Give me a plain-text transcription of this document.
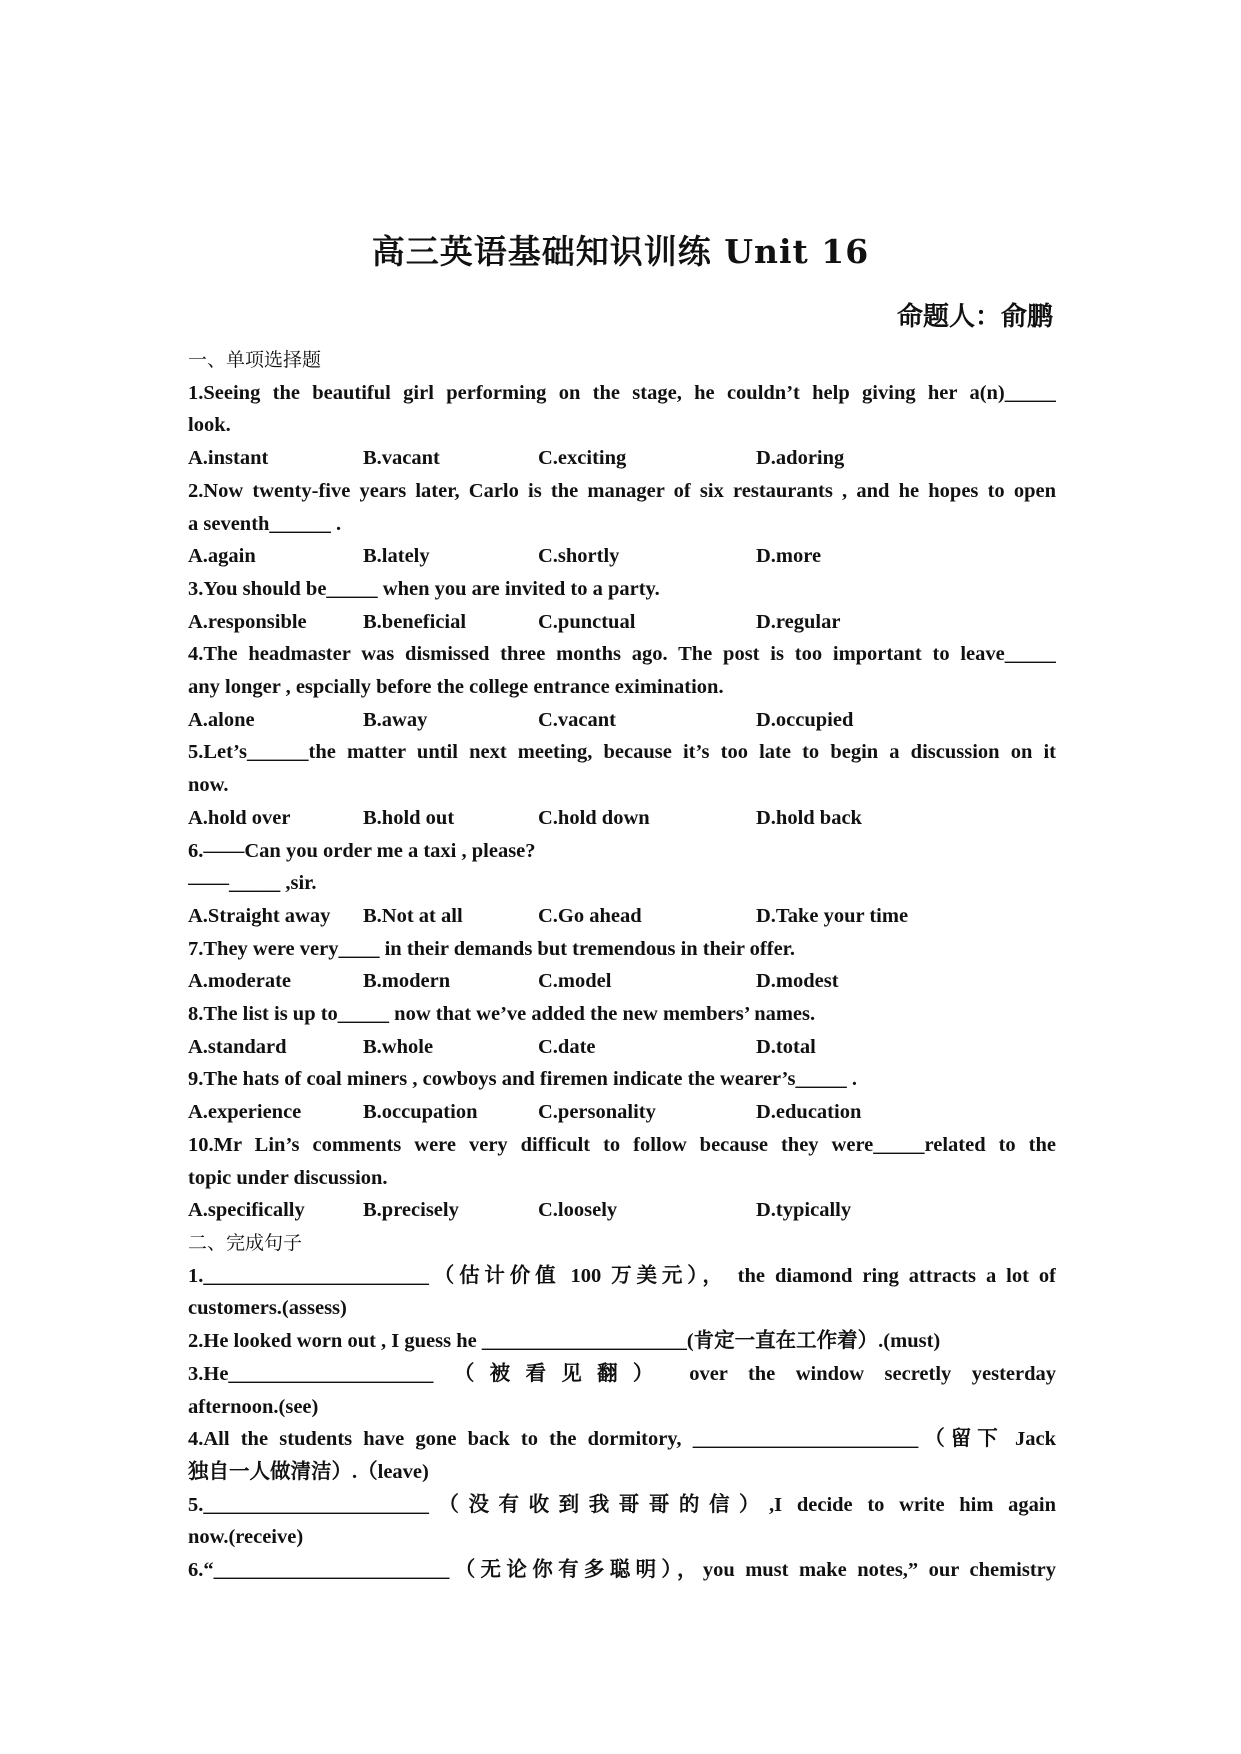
高三英语基础知识训练 Unit 16
命题人：俞鹏
一、单项选择题
1.Seeing the beautiful girl performing on the stage, he couldn’t help giving her a(n)_____
look.
A.instant	B.vacant	C.exciting	D.adoring
2.Now twenty-five years later, Carlo is the manager of six restaurants , and he hopes to open
a seventh______ .
A.again	B.lately	C.shortly	D.more
3.You should be_____ when you are invited to a party.
A.responsible	B.beneficial	C.punctual	D.regular
4.The headmaster was dismissed three months ago. The post is too important to leave_____
any longer , espcially before the college entrance eximination.
A.alone	B.away	C.vacant	D.occupied
5.Let’s______the matter until next meeting, because it’s too late to begin a discussion on it
now.
A.hold over	B.hold out	C.hold down	D.hold back
6.——Can you order me a taxi , please?
——_____ ,sir.
A.Straight away	B.Not at all	C.Go ahead	D.Take your time
7.They were very____ in their demands but tremendous in their offer.
A.moderate	B.modern	C.model	D.modest
8.The list is up to_____ now that we’ve added the new members’ names.
A.standard	B.whole	C.date	D.total
9.The hats of coal miners , cowboys and firemen indicate the wearer’s_____ .
A.experience	B.occupation	C.personality	D.education
10.Mr Lin’s comments were very difficult to follow because they were_____related to the
topic under discussion.
A.specifically	B.precisely	C.loosely	D.typically
二、完成句子
1.______________________（估计价值 100 万美元）， the diamond ring attracts a lot of
customers.(assess)
2.He looked worn out , I guess he ____________________(肯定一直在工作着）.(must)
3.He____________________ （被看见翻） over the window secretly yesterday
afternoon.(see)
4.All the students have gone back to the dormitory, ______________________（留下 Jack
独自一人做清洁）.（leave)
5.______________________（没有收到我哥哥的信）,I decide to write him again
now.(receive)
6.“_______________________（无论你有多聪明），you must make notes,” our chemistry
